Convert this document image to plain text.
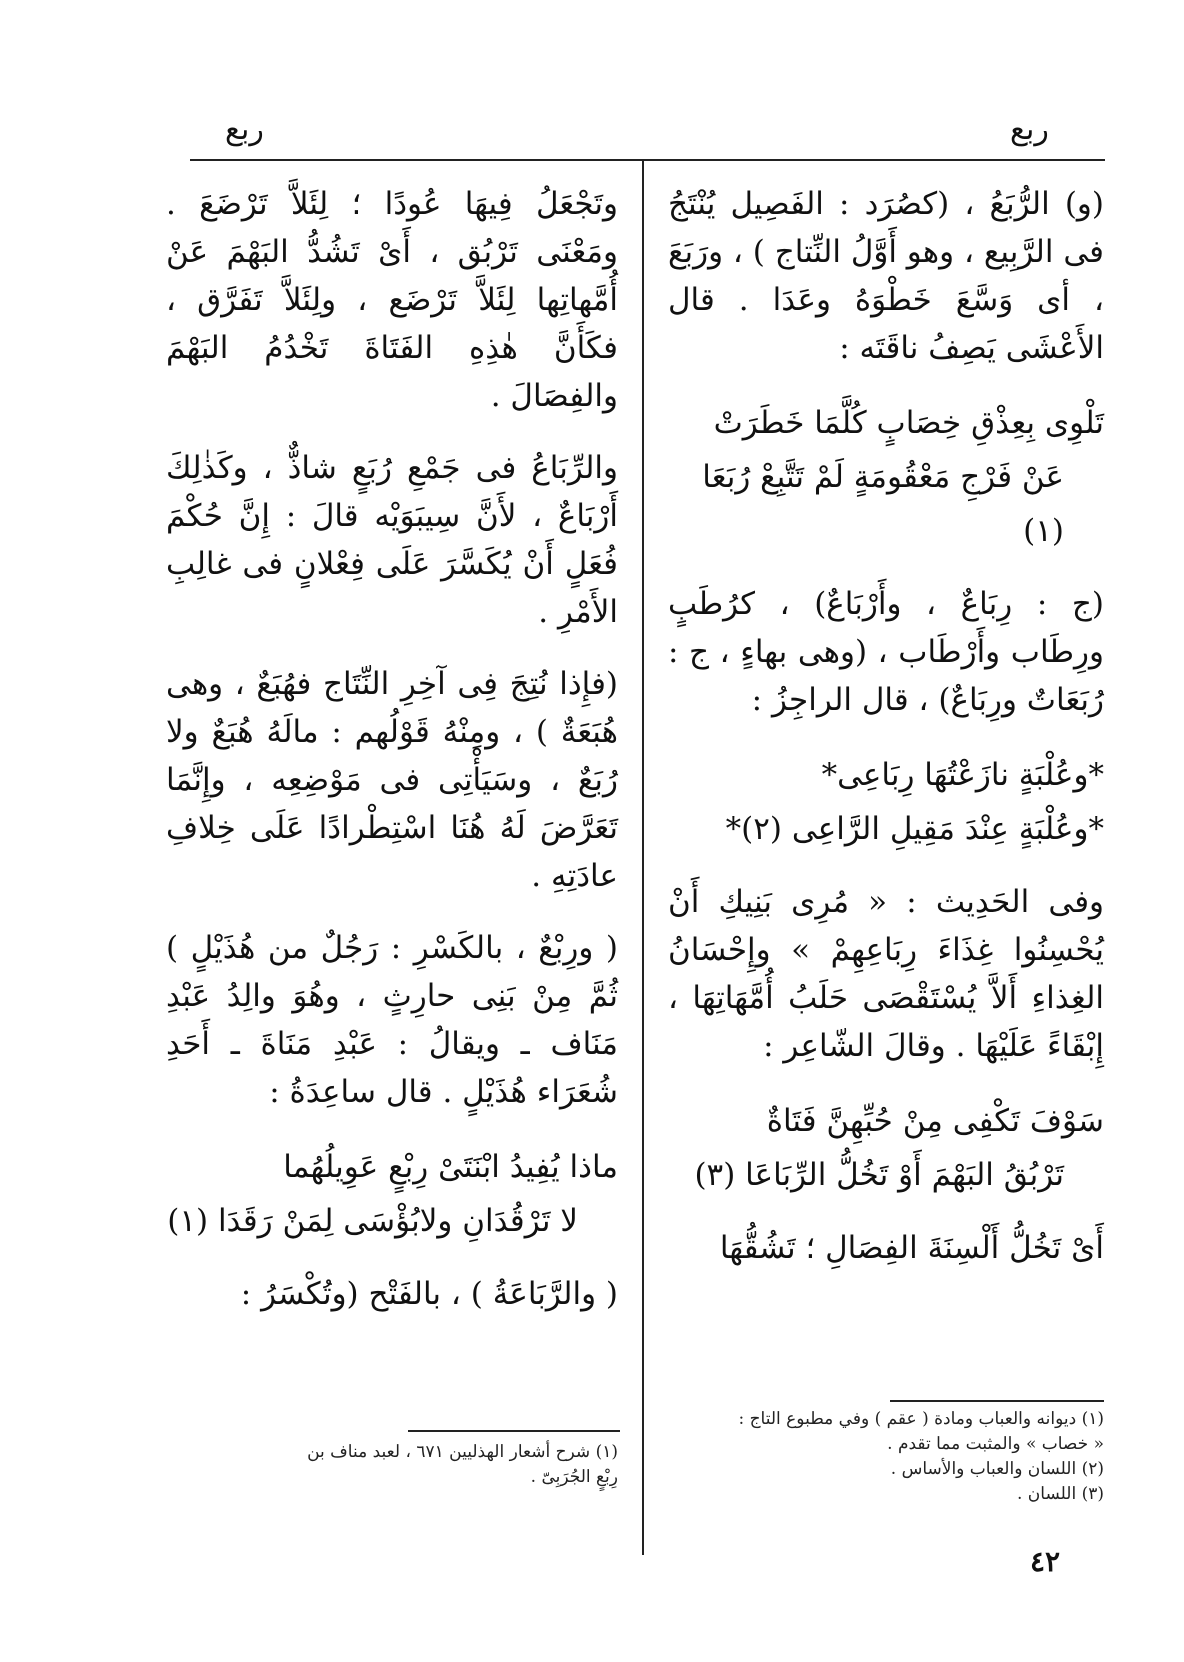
ربع
ربع

(و) الرُّبَعُ ، (كصُرَد : الفَصِيل يُنْتَجُ فى الرَّبِيع ، وهو أَوَّلُ النِّتاج ) ، ورَبَعَ ، أى وَسَّعَ خَطْوَهُ وعَدَا . قال الأَعْشَى يَصِفُ ناقَتَه :

تَلْوِى بِعِذْقِ خِصَابٍ كُلَّمَا خَطَرَتْ
عَنْ فَرْجِ مَعْقُومَةٍ لَمْ تَتَّبِعْ رُبَعَا (١)

(ج : رِبَاعٌ ، وأَرْبَاعٌ) ، كرُطَبٍ ورِطَاب وأَرْطَاب ، (وهى بهاءٍ ، ج : رُبَعَاتٌ ورِبَاعٌ) ، قال الراجِزُ :

*وعُلْبَةٍ نازَعْتُهَا رِبَاعِى*
*وعُلْبَةٍ عِنْدَ مَقِيلِ الرَّاعِى (٢)*

وفى الحَدِيث : « مُرِى بَنِيكِ أَنْ يُحْسِنُوا غِذَاءَ رِبَاعِهِمْ » وإِحْسَانُ الغِذاءِ أَلاَّ يُسْتَقْصَى حَلَبُ أُمَّهَاتِهَا ، إِبْقَاءً عَلَيْهَا . وقالَ الشّاعِر :

سَوْفَ تَكْفِى مِنْ حُبِّهِنَّ فَتَاةٌ
تَرْبُقُ البَهْمَ أَوْ تَخُلُّ الرِّبَاعَا (٣)

أَىْ تَخُلُّ أَلْسِنَةَ الفِصَالِ ؛ تَشُقُّهَا

وتَجْعَلُ فِيهَا عُودًا ؛ لِئَلاَّ تَرْضَعَ . ومَعْنَى تَرْبُق ، أَىْ تَشُدُّ البَهْمَ عَنْ أُمَّهاتِها لِئَلاَّ تَرْضَع ، ولِئَلاَّ تَفَرَّق ، فكَأَنَّ هٰذِهِ الفَتَاةَ تَخْدُمُ البَهْمَ والفِصَالَ .

والرِّبَاعُ فى جَمْعِ رُبَعٍ شاذٌّ ، وكَذٰلِكَ أَرْبَاعٌ ، لأَنَّ سِيبَوَيْه قالَ : إِنَّ حُكْمَ فُعَلٍ أَنْ يُكَسَّرَ عَلَى فِعْلانٍ فى غالِبِ الأَمْرِ .

(فإِذا نُتِجَ فِى آخِرِ النِّتَاج فهُبَعٌ ، وهى هُبَعَةٌ ) ، ومِنْهُ قَوْلُهم : مالَهُ هُبَعٌ ولا رُبَعٌ ، وسَيَأْتِى فى مَوْضِعِه ، وإِنَّمَا تَعَرَّضَ لَهُ هُنَا اسْتِطْرادًا عَلَى خِلافِ عادَتِهِ .

( ورِبْعٌ ، بالكَسْرِ : رَجُلٌ من هُذَيْلٍ ) ثُمَّ مِنْ بَنِى حارِثٍ ، وهُوَ والِدُ عَبْدِ مَنَاف ـ ويقالُ : عَبْدِ مَنَاةَ ـ أَحَدِ شُعَرَاء هُذَيْلٍ . قال ساعِدَةُ :

ماذا يُفِيدُ ابْنَتَىْ رِبْعٍ عَوِيلُهُما
لا تَرْقُدَانِ ولابُؤْسَى لِمَنْ رَقَدَا (١)

( والرَّبَاعَةُ ) ، بالفَتْح (وتُكْسَرُ :

(١) ديوانه والعباب ومادة ( عقم ) وفي مطبوع التاج :
« خصاب » والمثبت مما تقدم .
(٢) اللسان والعباب والأساس .
(٣) اللسان .
(١) شرح أشعار الهذليين ٦٧١ ، لعبد مناف بن
رِبْعٍ الجُرَبِىّ .
٤٢
